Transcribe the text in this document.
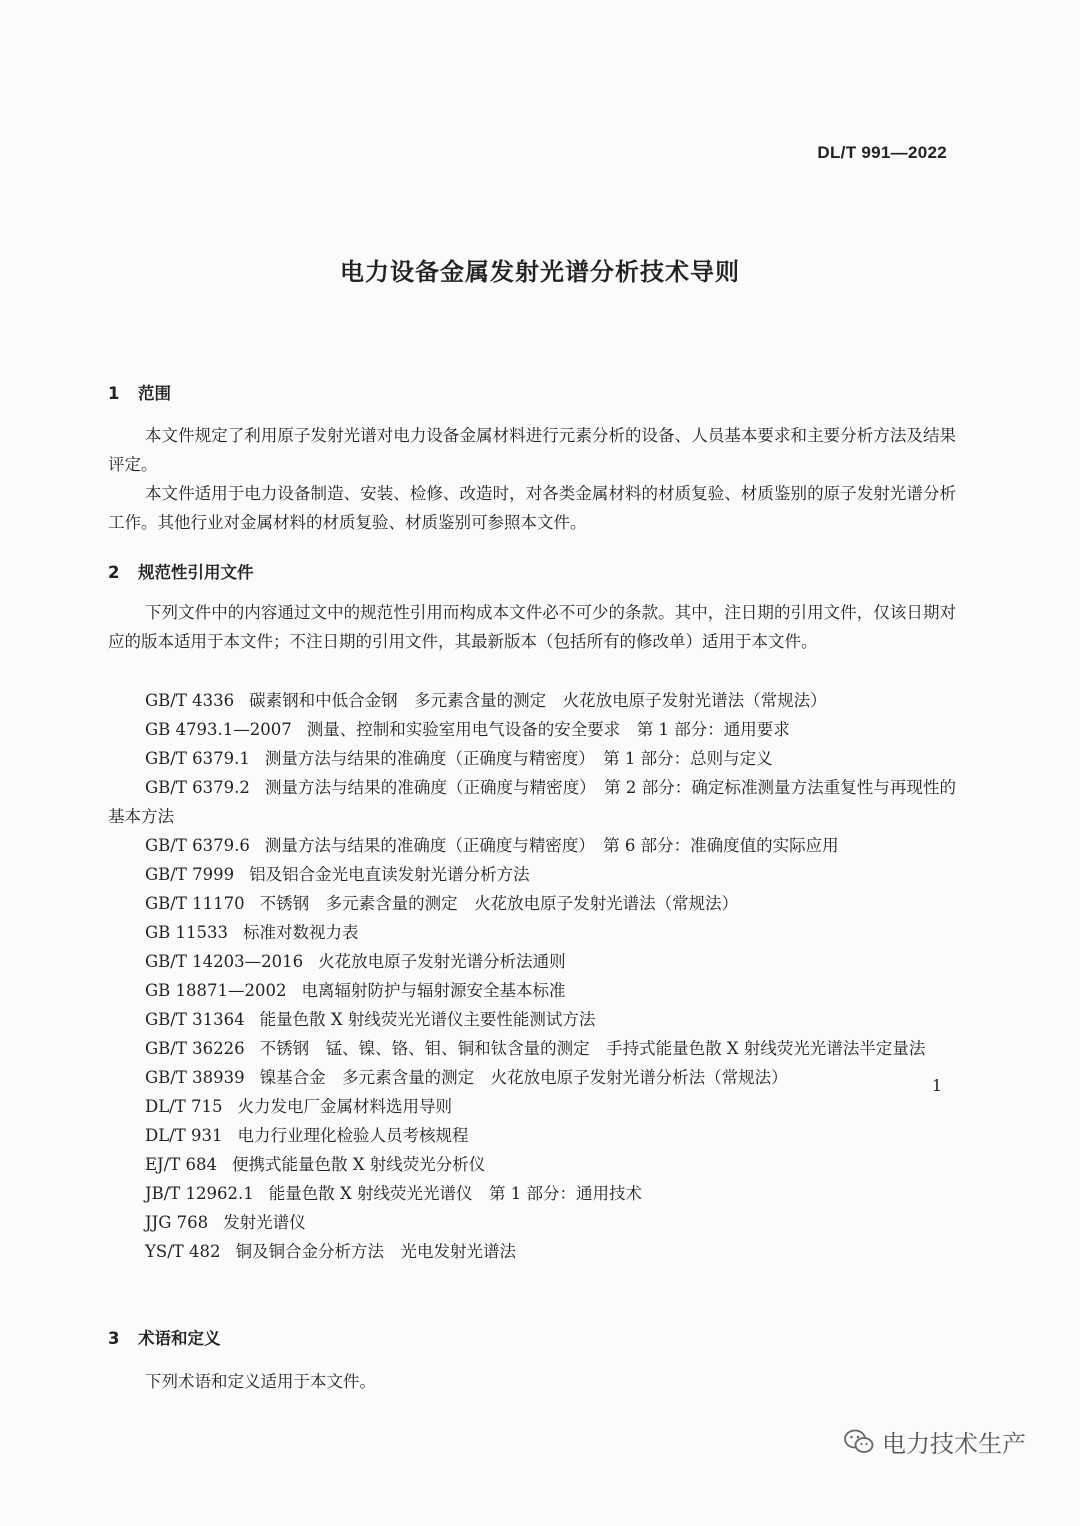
DL/T 991—2022
电力设备金属发射光谱分析技术导则
1 范围

本文件规定了利用原子发射光谱对电力设备金属材料进行元素分析的设备、人员基本要求和主要分析方法及结果评定。

本文件适用于电力设备制造、安装、检修、改造时，对各类金属材料的材质复验、材质鉴别的原子发射光谱分析工作。其他行业对金属材料的材质复验、材质鉴别可参照本文件。

2 规范性引用文件

下列文件中的内容通过文中的规范性引用而构成本文件必不可少的条款。其中，注日期的引用文件，仅该日期对应的版本适用于本文件；不注日期的引用文件，其最新版本（包括所有的修改单）适用于本文件。

GB/T 4336 碳素钢和中低合金钢　多元素含量的测定　火花放电原子发射光谱法（常规法）
GB 4793.1—2007 测量、控制和实验室用电气设备的安全要求　第 1 部分：通用要求
GB/T 6379.1 测量方法与结果的准确度（正确度与精密度）　第 1 部分：总则与定义
GB/T 6379.2 测量方法与结果的准确度（正确度与精密度）　第 2 部分：确定标准测量方法重复性与再现性的基本方法
GB/T 6379.6 测量方法与结果的准确度（正确度与精密度）　第 6 部分：准确度值的实际应用
GB/T 7999 铝及铝合金光电直读发射光谱分析方法
GB/T 11170 不锈钢　多元素含量的测定　火花放电原子发射光谱法（常规法）
GB 11533 标准对数视力表
GB/T 14203—2016 火花放电原子发射光谱分析法通则
GB 18871—2002 电离辐射防护与辐射源安全基本标准
GB/T 31364 能量色散 X 射线荧光光谱仪主要性能测试方法
GB/T 36226 不锈钢　锰、镍、铬、钼、铜和钛含量的测定　手持式能量色散 X 射线荧光光谱法半定量法
GB/T 38939 镍基合金　多元素含量的测定　火花放电原子发射光谱分析法（常规法）
DL/T 715 火力发电厂金属材料选用导则
DL/T 931 电力行业理化检验人员考核规程
EJ/T 684 便携式能量色散 X 射线荧光分析仪
JB/T 12962.1 能量色散 X 射线荧光光谱仪　第 1 部分：通用技术
JJG 768 发射光谱仪
YS/T 482 铜及铜合金分析方法　光电发射光谱法
3 术语和定义

下列术语和定义适用于本文件。

1
电力技术生产
